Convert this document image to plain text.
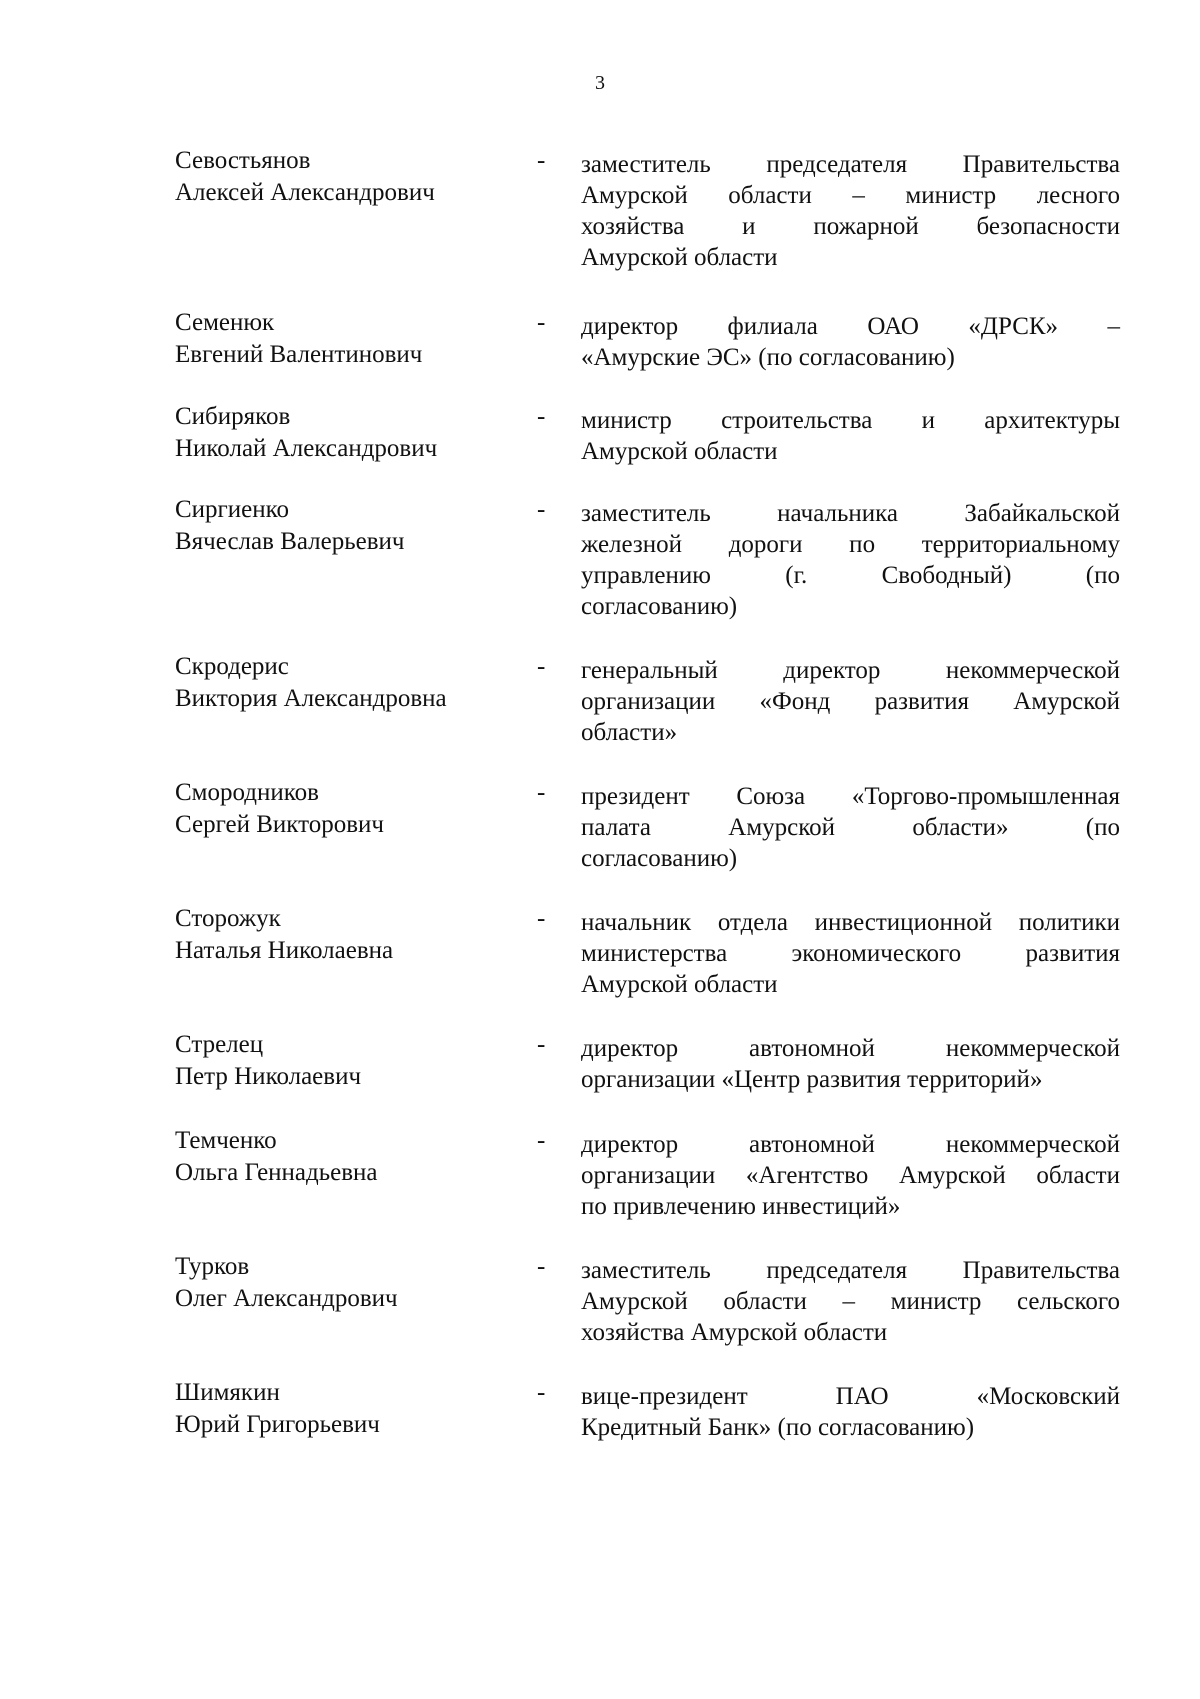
3
Севостьянов
Алексей Александрович
- заместитель председателя Правительства
Амурской области – министр лесного
хозяйства и пожарной безопасности
Амурской области
Семенюк
Евгений Валентинович
- директор филиала ОАО «ДРСК» –
«Амурские ЭС» (по согласованию)
Сибиряков
Николай Александрович
- министр строительства и архитектуры
Амурской области
Сиргиенко
Вячеслав Валерьевич
- заместитель начальника Забайкальской
железной дороги по территориальному
управлению (г. Свободный) (по
согласованию)
Скродерис
Виктория Александровна
- генеральный директор некоммерческой
организации «Фонд развития Амурской
области»
Смородников
Сергей Викторович
- президент Союза «Торгово-промышленная
палата Амурской области» (по
согласованию)
Сторожук
Наталья Николаевна
- начальник отдела инвестиционной политики
министерства экономического развития
Амурской области
Стрелец
Петр Николаевич
- директор автономной некоммерческой
организации «Центр развития территорий»
Темченко
Ольга Геннадьевна
- директор автономной некоммерческой
организации «Агентство Амурской области
по привлечению инвестиций»
Турков
Олег Александрович
- заместитель председателя Правительства
Амурской области – министр сельского
хозяйства Амурской области
Шимякин
Юрий Григорьевич
- вице-президент ПАО «Московский
Кредитный Банк» (по согласованию)
